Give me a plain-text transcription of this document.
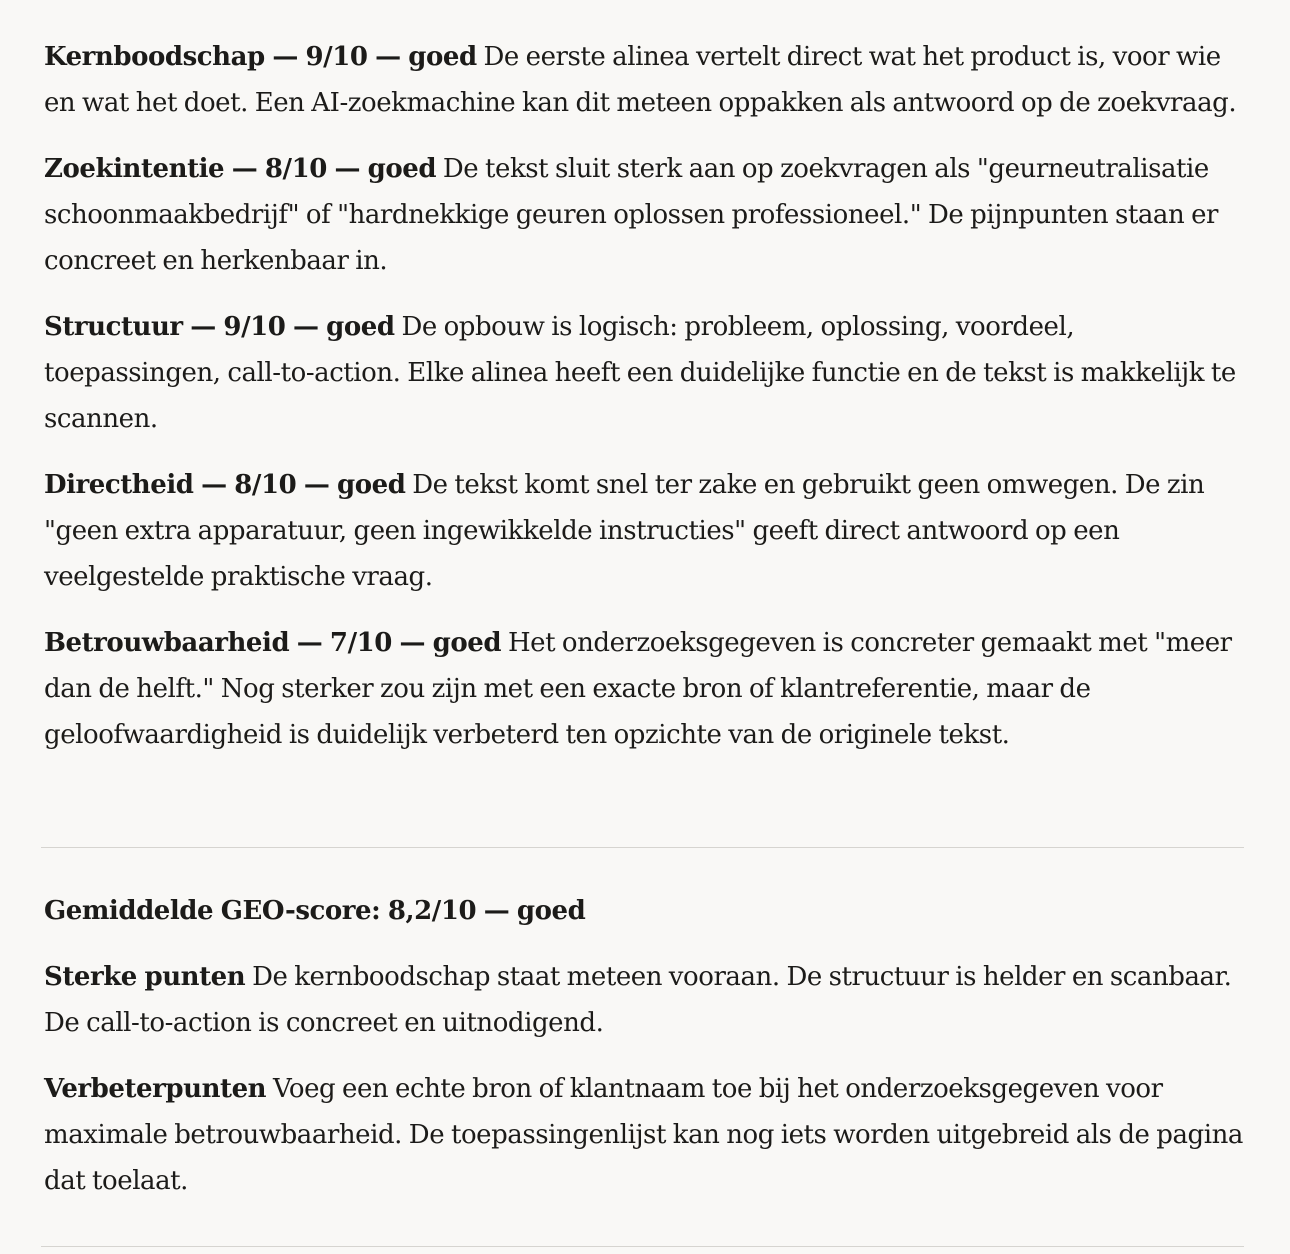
Kernboodschap — 9/10 — goed De eerste alinea vertelt direct wat het product is, voor wie en wat het doet. Een AI-zoekmachine kan dit meteen oppakken als antwoord op de zoekvraag.

Zoekintentie — 8/10 — goed De tekst sluit sterk aan op zoekvragen als "geurneutralisatie schoonmaakbedrijf" of "hardnekkige geuren oplossen professioneel." De pijnpunten staan er concreet en herkenbaar in.

Structuur — 9/10 — goed De opbouw is logisch: probleem, oplossing, voordeel, toepassingen, call-to-action. Elke alinea heeft een duidelijke functie en de tekst is makkelijk te scannen.

Directheid — 8/10 — goed De tekst komt snel ter zake en gebruikt geen omwegen. De zin "geen extra apparatuur, geen ingewikkelde instructies" geeft direct antwoord op een veelgestelde praktische vraag.

Betrouwbaarheid — 7/10 — goed Het onderzoeksgegeven is concreter gemaakt met "meer dan de helft." Nog sterker zou zijn met een exacte bron of klantreferentie, maar de geloofwaardigheid is duidelijk verbeterd ten opzichte van de originele tekst.

Gemiddelde GEO-score: 8,2/10 — goed

Sterke punten De kernboodschap staat meteen vooraan. De structuur is helder en scanbaar. De call-to-action is concreet en uitnodigend.

Verbeterpunten Voeg een echte bron of klantnaam toe bij het onderzoeksgegeven voor maximale betrouwbaarheid. De toepassingenlijst kan nog iets worden uitgebreid als de pagina dat toelaat.
